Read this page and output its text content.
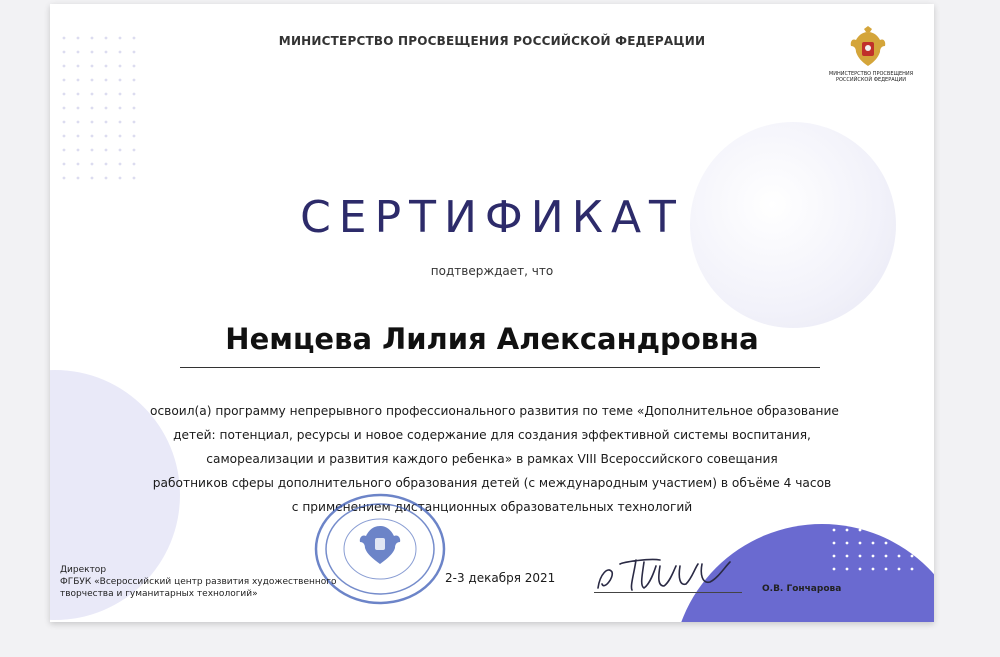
МИНИСТЕРСТВО ПРОСВЕЩЕНИЯ РОССИЙСКОЙ ФЕДЕРАЦИИ
МИНИСТЕРСТВО ПРОСВЕЩЕНИЯ
РОССИЙСКОЙ ФЕДЕРАЦИИ
СЕРТИФИКАТ
подтверждает, что
Немцева Лилия Александровна
освоил(а) программу непрерывного профессионального развития по теме «Дополнительное образование
детей: потенциал, ресурсы и новое содержание для создания эффективной системы воспитания,
самореализации и развития каждого ребенка» в рамках VIII Всероссийского совещания
работников сферы дополнительного образования детей (с международным участием) в объёме 4 часов
с применением дистанционных образовательных технологий
Директор
ФГБУК «Всероссийский центр развития художественного
творчества и гуманитарных технологий»
2-3 декабря 2021
О.В. Гончарова
